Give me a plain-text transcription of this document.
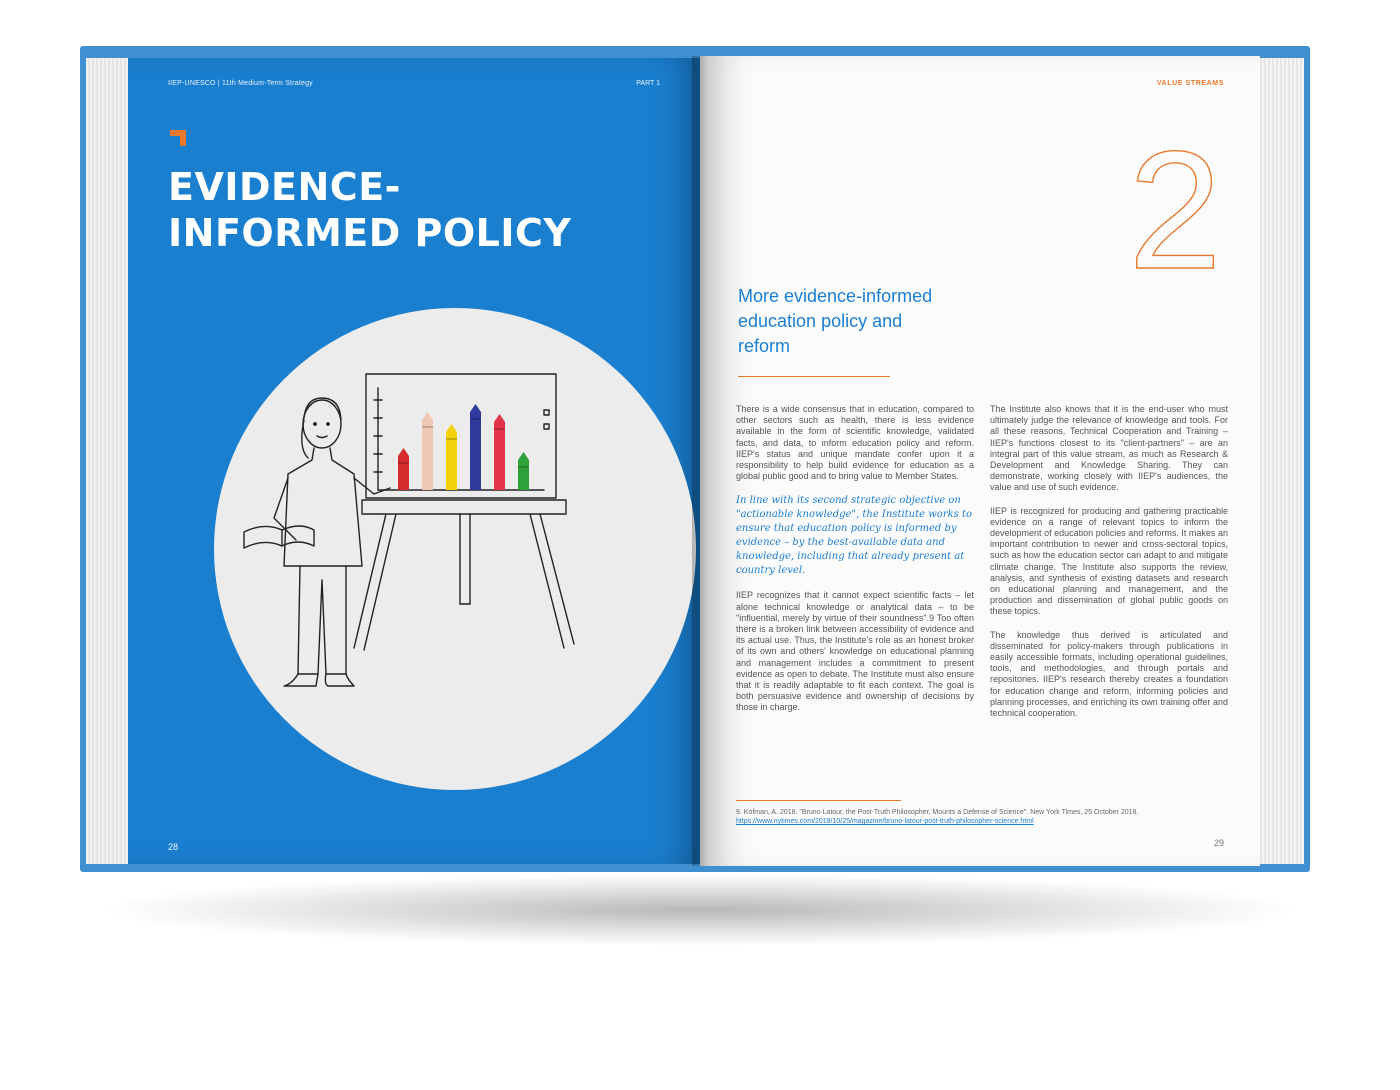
IIEP-UNESCO | 11th Medium-Term Strategy	PART 1
EVIDENCE-
INFORMED POLICY
28
VALUE STREAMS
2
More evidence-informed education policy and reform

There is a wide consensus that in education, compared to other sectors such as health, there is less evidence available in the form of scientific knowledge, validated facts, and data, to inform education policy and reform. IIEP's status and unique mandate confer upon it a responsibility to help build evidence for education as a global public good and to bring value to Member States.

In line with its second strategic objective on "actionable knowledge", the Institute works to ensure that education policy is informed by evidence – by the best-available data and knowledge, including that already present at country level.

IIEP recognizes that it cannot expect scientific facts – let alone technical knowledge or analytical data – to be "influential, merely by virtue of their soundness".9 Too often there is a broken link between accessibility of evidence and its actual use. Thus, the Institute's role as an honest broker of its own and others' knowledge on educational planning and management includes a commitment to present evidence as open to debate. The Institute must also ensure that it is readily adaptable to fit each context. The goal is both persuasive evidence and ownership of decisions by those in charge.

The Institute also knows that it is the end-user who must ultimately judge the relevance of knowledge and tools. For all these reasons, Technical Cooperation and Training – IIEP's functions closest to its "client-partners" – are an integral part of this value stream, as much as Research & Development and Knowledge Sharing. They can demonstrate, working closely with IIEP's audiences, the value and use of such evidence.

IIEP is recognized for producing and gathering practicable evidence on a range of relevant topics to inform the development of education policies and reforms. It makes an important contribution to newer and cross-sectoral topics, such as how the education sector can adapt to and mitigate climate change. The Institute also supports the review, analysis, and synthesis of existing datasets and research on educational planning and management, and the production and dissemination of global public goods on these topics.

The knowledge thus derived is articulated and disseminated for policy-makers through publications in easily accessible formats, including operational guidelines, tools, and methodologies, and through portals and repositories. IIEP's research thereby creates a foundation for education change and reform, informing policies and planning processes, and enriching its own training offer and technical cooperation.

9. Kofman, A. 2018. "Bruno Latour, the Post-Truth Philosopher, Mounts a Defense of Science". New York Times, 25 October 2018.
https://www.nytimes.com/2018/10/25/magazine/bruno-latour-post-truth-philosopher-science.html
29
